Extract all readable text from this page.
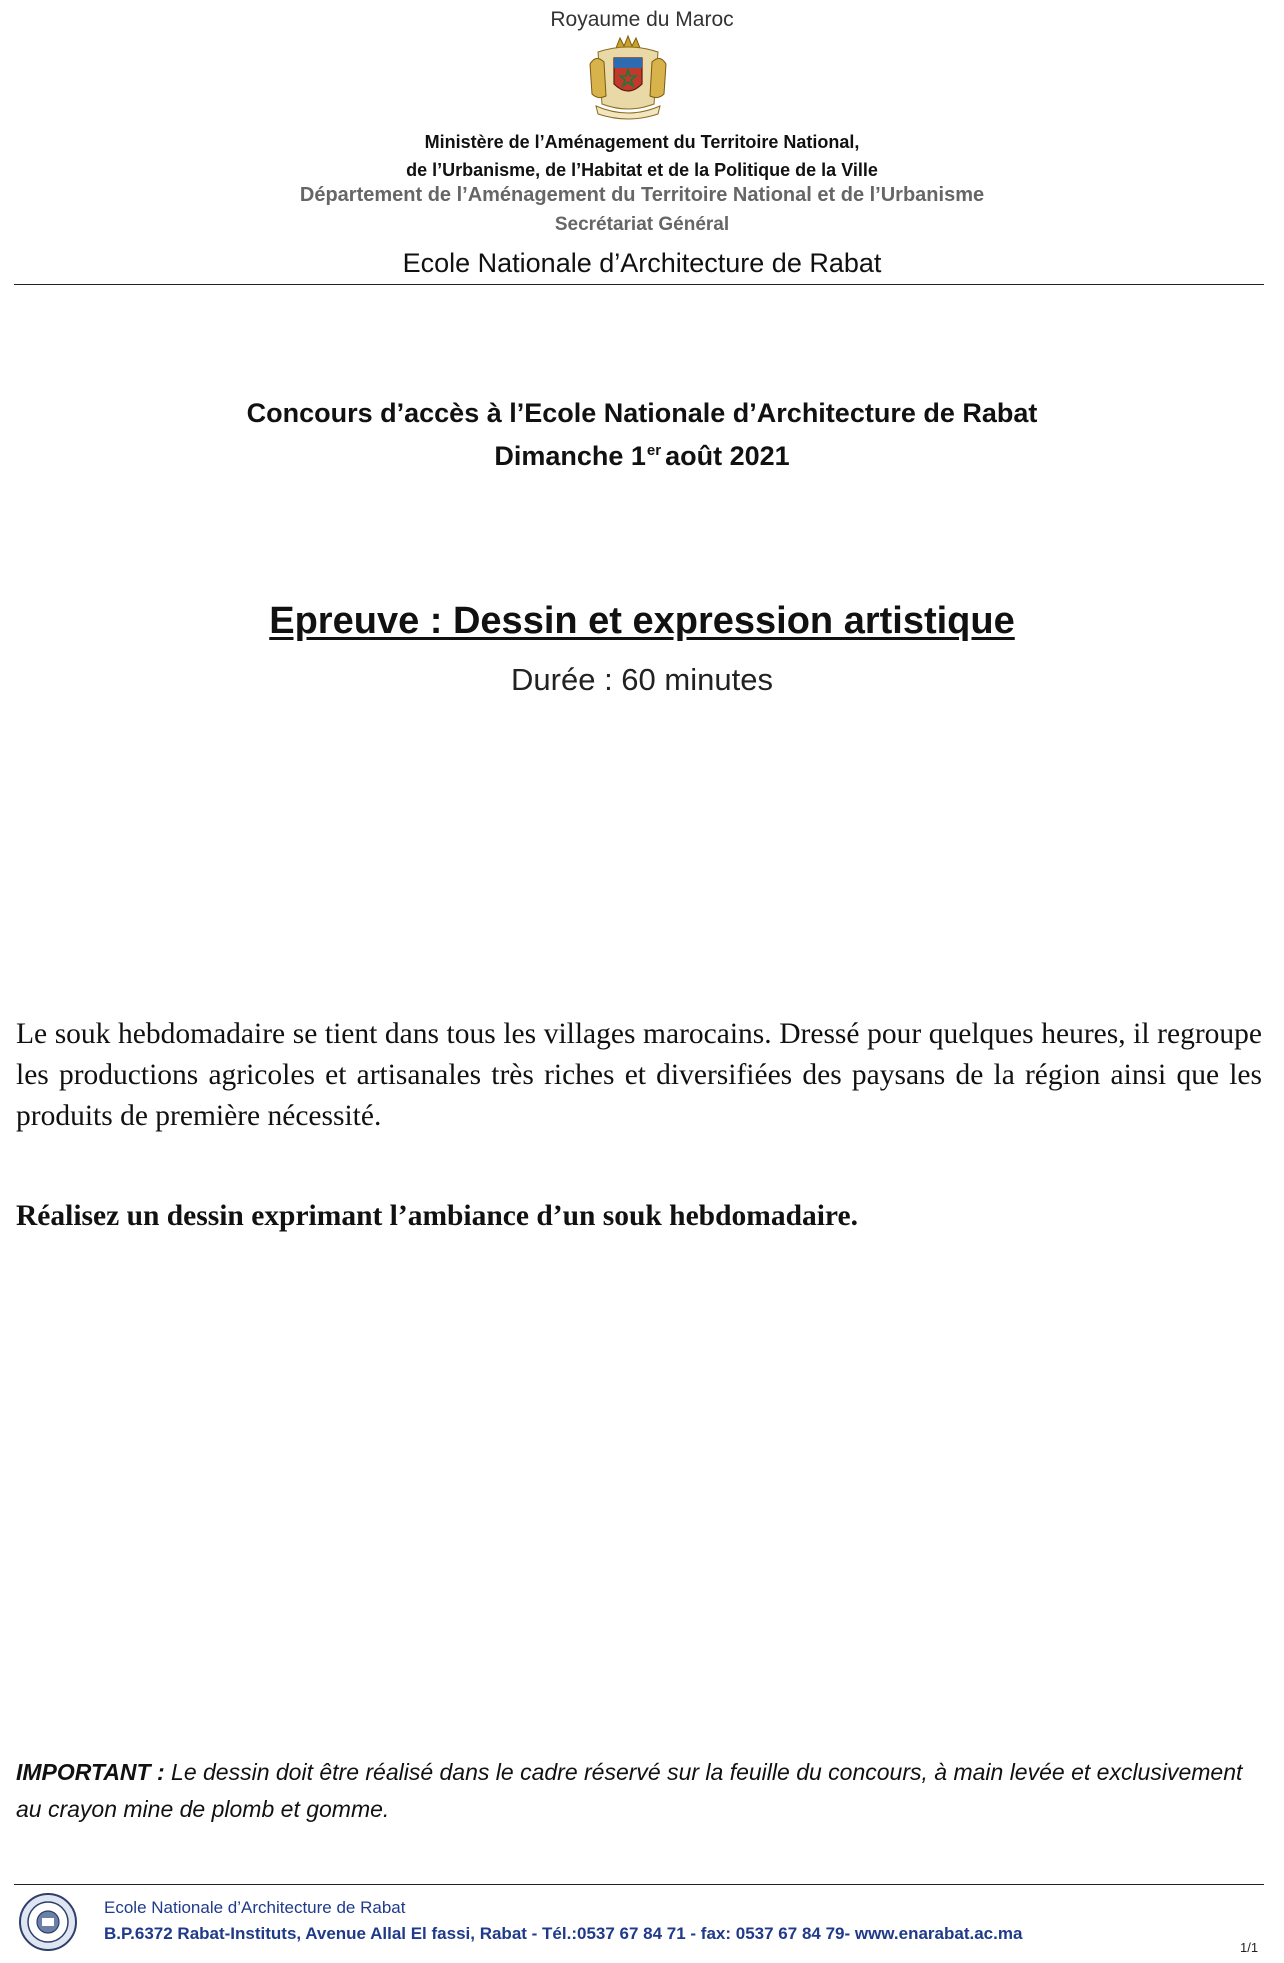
Royaume du Maroc
Ministère de l’Aménagement du Territoire National,
de l’Urbanisme, de l’Habitat et de la Politique de la Ville
Département de l’Aménagement du Territoire National et de l’Urbanisme
Secrétariat Général
Ecole Nationale d’Architecture de Rabat
Concours d’accès à l’Ecole Nationale d’Architecture de Rabat
Dimanche 1er août 2021
Epreuve : Dessin et expression artistique
Durée : 60 minutes
Le souk hebdomadaire se tient dans tous les villages marocains. Dressé pour quelques heures, il regroupe les productions agricoles et artisanales très riches et diversifiées des paysans de la région ainsi que les produits de première nécessité.
Réalisez un dessin exprimant l’ambiance d’un souk hebdomadaire.
IMPORTANT : Le dessin doit être réalisé dans le cadre réservé sur la feuille du concours, à main levée et exclusivement au crayon mine de plomb et gomme.
Ecole Nationale d’Architecture de Rabat
B.P.6372 Rabat-Instituts, Avenue Allal El fassi, Rabat - Tél.:0537 67 84 71 - fax: 0537 67 84 79- www.enarabat.ac.ma
1/1
